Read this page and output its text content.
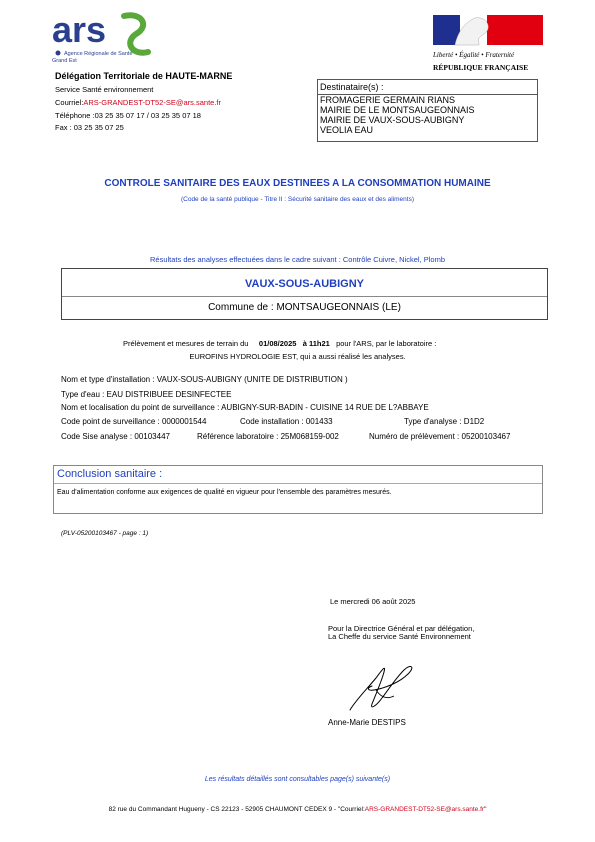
ars
Agence Régionale de Santé
Grand Est
Liberté • Égalité • Fraternité
RÉPUBLIQUE FRANÇAISE
Délégation Territoriale de HAUTE-MARNE
Service Santé environnement
Courriel:ARS-GRANDEST-DT52-SE@ars.sante.fr
Téléphone :03 25 35 07 17 / 03 25 35 07 18
Fax : 03 25 35 07 25
Destinataire(s) :
FROMAGERIE GERMAIN RIANS
MAIRIE DE LE MONTSAUGEONNAIS
MAIRIE DE VAUX-SOUS-AUBIGNY
VEOLIA EAU
CONTROLE SANITAIRE DES EAUX DESTINEES A LA CONSOMMATION HUMAINE
(Code de la santé publique - Titre II : Sécurité sanitaire des eaux et des aliments)
Résultats des analyses effectuées dans le cadre suivant : Contrôle Cuivre, Nickel, Plomb
VAUX-SOUS-AUBIGNY
Commune de : MONTSAUGEONNAIS (LE)
Prélèvement et mesures de terrain du 01/08/2025 à 11h21 pour l'ARS, par le laboratoire :
EUROFINS HYDROLOGIE EST, qui a aussi réalisé les analyses.
Nom et type d'installation : VAUX-SOUS-AUBIGNY (UNITE DE DISTRIBUTION )
Type d'eau : EAU DISTRIBUEE DESINFECTEE
Nom et localisation du point de surveillance : AUBIGNY-SUR-BADIN - CUISINE 14 RUE DE L?ABBAYE
Code point de surveillance : 0000001544	Code installation : 001433	Type d'analyse : D1D2
Code Sise analyse : 00103447	Référence laboratoire : 25M068159-002	Numéro de prélèvement : 05200103467
Conclusion sanitaire :
Eau d'alimentation conforme aux exigences de qualité en vigueur pour l'ensemble des paramètres mesurés.
(PLV-05200103467 - page : 1)
Le mercredi 06 août 2025
Pour la Directrice Général et par délégation,
La Cheffe du service Santé Environnement
Anne-Marie DESTIPS
Les résultats détaillés sont consultables page(s) suivante(s)
82 rue du Commandant Hugueny - CS 22123 - 52905 CHAUMONT CEDEX 9 - "Courriel:ARS-GRANDEST-DT52-SE@ars.sante.fr"
